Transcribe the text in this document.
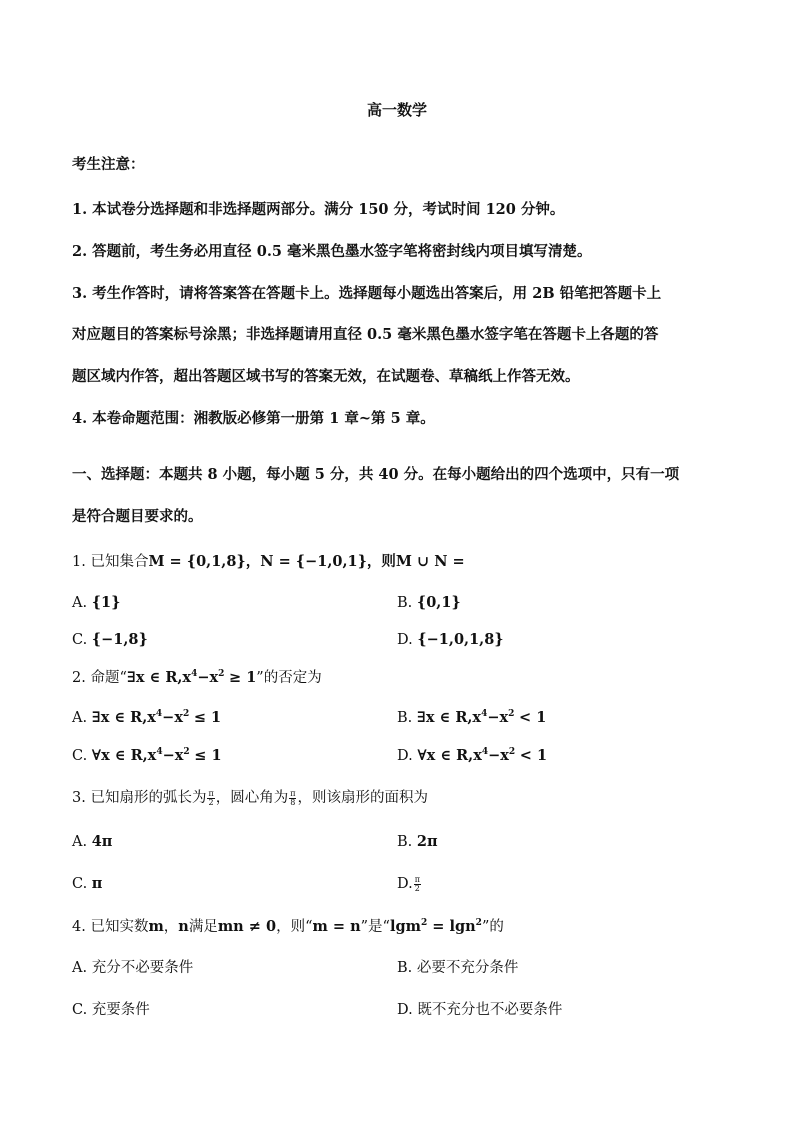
高一数学
考生注意：
1. 本试卷分选择题和非选择题两部分。满分 150 分，考试时间 120 分钟。
2. 答题前，考生务必用直径 0.5 毫米黑色墨水签字笔将密封线内项目填写清楚。
3. 考生作答时，请将答案答在答题卡上。选择题每小题选出答案后，用 2B 铅笔把答题卡上
对应题目的答案标号涂黑；非选择题请用直径 0.5 毫米黑色墨水签字笔在答题卡上各题的答
题区域内作答，超出答题区域书写的答案无效，在试题卷、草稿纸上作答无效。
4. 本卷命题范围：湘教版必修第一册第 1 章~第 5 章。
一、选择题：本题共 8 小题，每小题 5 分，共 40 分。在每小题给出的四个选项中，只有一项
是符合题目要求的。
1. 已知集合M = {0,1,8}，N = {−1,0,1}，则M ∪ N =
A. {1}	B. {0,1}
C. {−1,8}	D. {−1,0,1,8}
2. 命题“∃x ∈ $R,x^4-x^2 \ge 1$”的否定为
A. ∃x ∈ $R,x^4-x^2 \le 1$	B. ∃x ∈ $R,x^4-x^2 < 1$
C. ∀x ∈ $R,x^4-x^2 \le 1$	D. ∀x ∈ $R,x^4-x^2 < 1$
3. 已知扇形的弧长为 $\frac{\pi}{2}$ ，圆心角为 $\frac{\pi}{8}$ ，则该扇形的面积为
A. 4π	B. 2π
C. π	D. $\frac{\pi}{2}$
4. 已知实数m，n满足mn ≠ 0，则“m = n”是“lgm$^2$ = lgn$^2$”的
A. 充分不必要条件	B. 必要不充分条件
C. 充要条件	D. 既不充分也不必要条件
